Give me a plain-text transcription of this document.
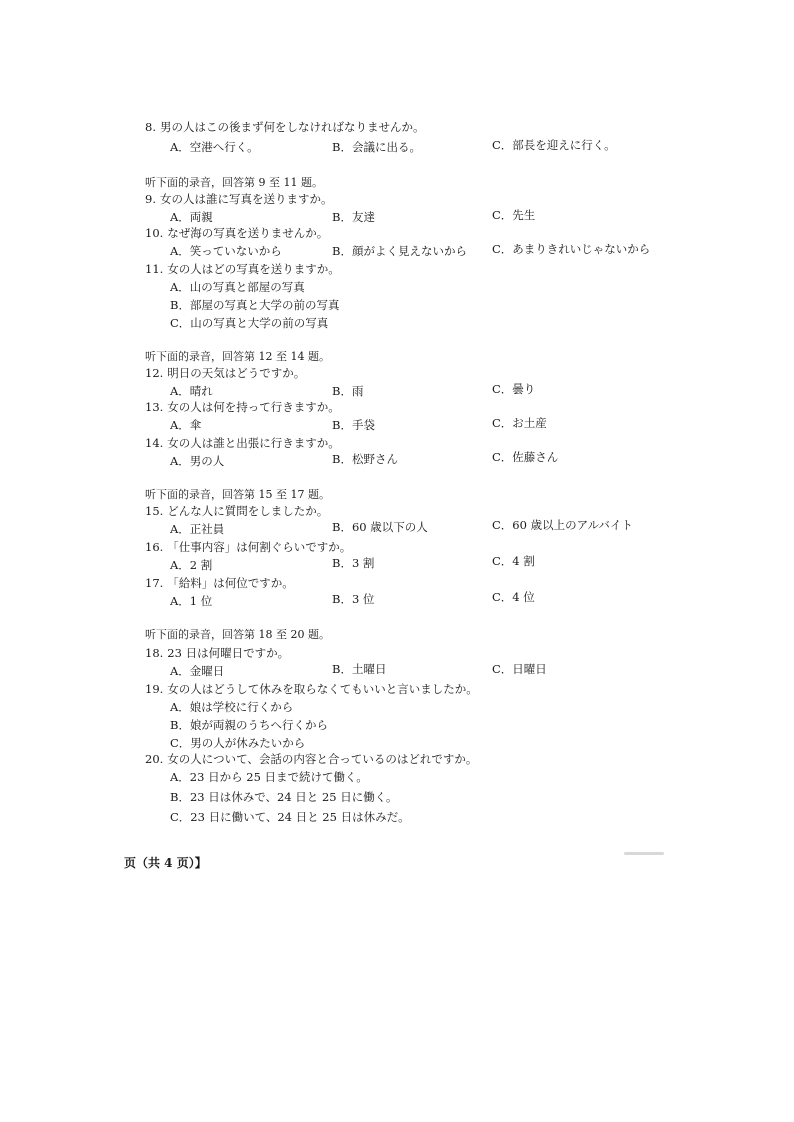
8. 男の人はこの後まず何をしなければなりませんか。
A．空港へ行く。	B．会議に出る。	C．部長を迎えに行く。
听下面的录音，回答第 9 至 11 题。
9. 女の人は誰に写真を送りますか。
A．両親	B．友達	C．先生
10. なぜ海の写真を送りませんか。
A．笑っていないから	B．顔がよく見えないから C．あまりきれいじゃないから
11. 女の人はどの写真を送りますか。
A．山の写真と部屋の写真
B．部屋の写真と大学の前の写真
C．山の写真と大学の前の写真
听下面的录音，回答第 12 至 14 题。
12. 明日の天気はどうですか。
A．晴れ	B．雨	C．曇り
13. 女の人は何を持って行きますか。
A．傘	B．手袋	C．お土産
14. 女の人は誰と出張に行きますか。
A．男の人	B．松野さん	C．佐藤さん
听下面的录音，回答第 15 至 17 题。
15. どんな人に質問をしましたか。
A．正社員	B．60 歳以下の人	C．60 歳以上のアルバイト
16. 「仕事内容」は何割ぐらいですか。
A．2 割	B．3 割	C．4 割
17. 「給料」は何位ですか。
A．1 位	B．3 位	C．4 位
听下面的录音，回答第 18 至 20 题。
18. 23 日は何曜日ですか。
A．金曜日	B．土曜日	C．日曜日
19. 女の人はどうして休みを取らなくてもいいと言いましたか。
A．娘は学校に行くから
B．娘が両親のうちへ行くから
C．男の人が休みたいから
20. 女の人について、会話の内容と合っているのはどれですか。
A．23 日から 25 日まで続けて働く。
B．23 日は休みで、24 日と 25 日に働く。
C．23 日に働いて、24 日と 25 日は休みだ。
页（共 4 页）】
